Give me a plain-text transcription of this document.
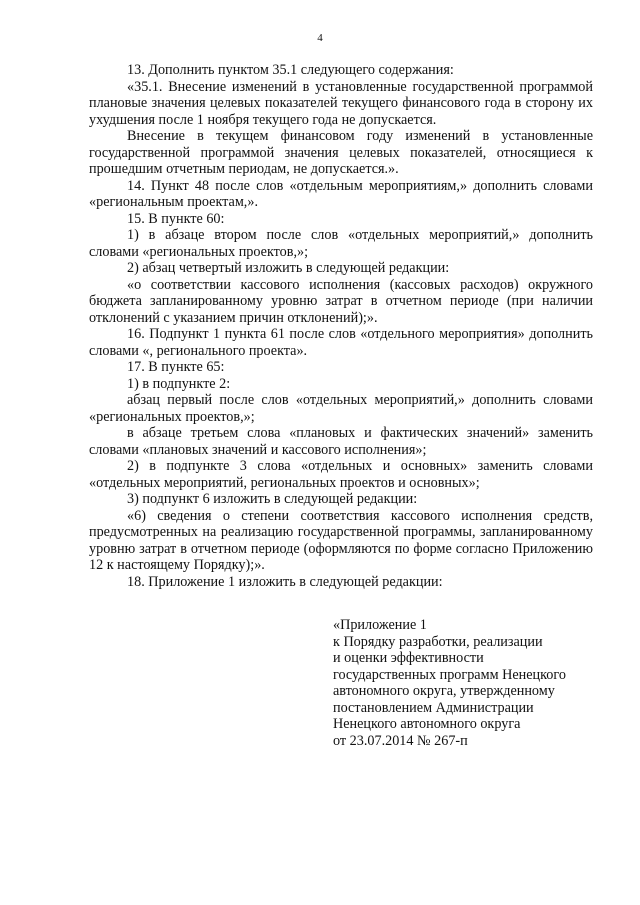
4

13. Дополнить пунктом 35.1 следующего содержания:

«35.1. Внесение изменений в установленные государственной программой плановые значения целевых показателей текущего финансового года в сторону их ухудшения после 1 ноября текущего года не допускается.

Внесение в текущем финансовом году изменений в установленные государственной программой значения целевых показателей, относящиеся к прошедшим отчетным периодам, не допускается.».

14. Пункт 48 после слов «отдельным мероприятиям,» дополнить словами «региональным проектам,».

15. В пункте 60:

1) в абзаце втором после слов «отдельных мероприятий,» дополнить словами «региональных проектов,»;

2) абзац четвертый изложить в следующей редакции:

«о соответствии кассового исполнения (кассовых расходов) окружного бюджета запланированному уровню затрат в отчетном периоде (при наличии отклонений с указанием причин отклонений);».

16. Подпункт 1 пункта 61 после слов «отдельного мероприятия» дополнить словами «, регионального проекта».

17. В пункте 65:

1) в подпункте 2:

абзац первый после слов «отдельных мероприятий,» дополнить словами «региональных проектов,»;

в абзаце третьем слова «плановых и фактических значений» заменить словами «плановых значений и кассового исполнения»;

2) в подпункте 3 слова «отдельных и основных» заменить словами «отдельных мероприятий, региональных проектов и основных»;

3) подпункт 6 изложить в следующей редакции:

«6) сведения о степени соответствия кассового исполнения средств, предусмотренных на реализацию государственной программы, запланированному уровню затрат в отчетном периоде (оформляются по форме согласно Приложению 12 к настоящему Порядку);».

18. Приложение 1 изложить в следующей редакции:

«Приложение 1
к Порядку разработки, реализации
и оценки эффективности
государственных программ Ненецкого
автономного округа, утвержденному
постановлением Администрации
Ненецкого автономного округа
от 23.07.2014 № 267-п
